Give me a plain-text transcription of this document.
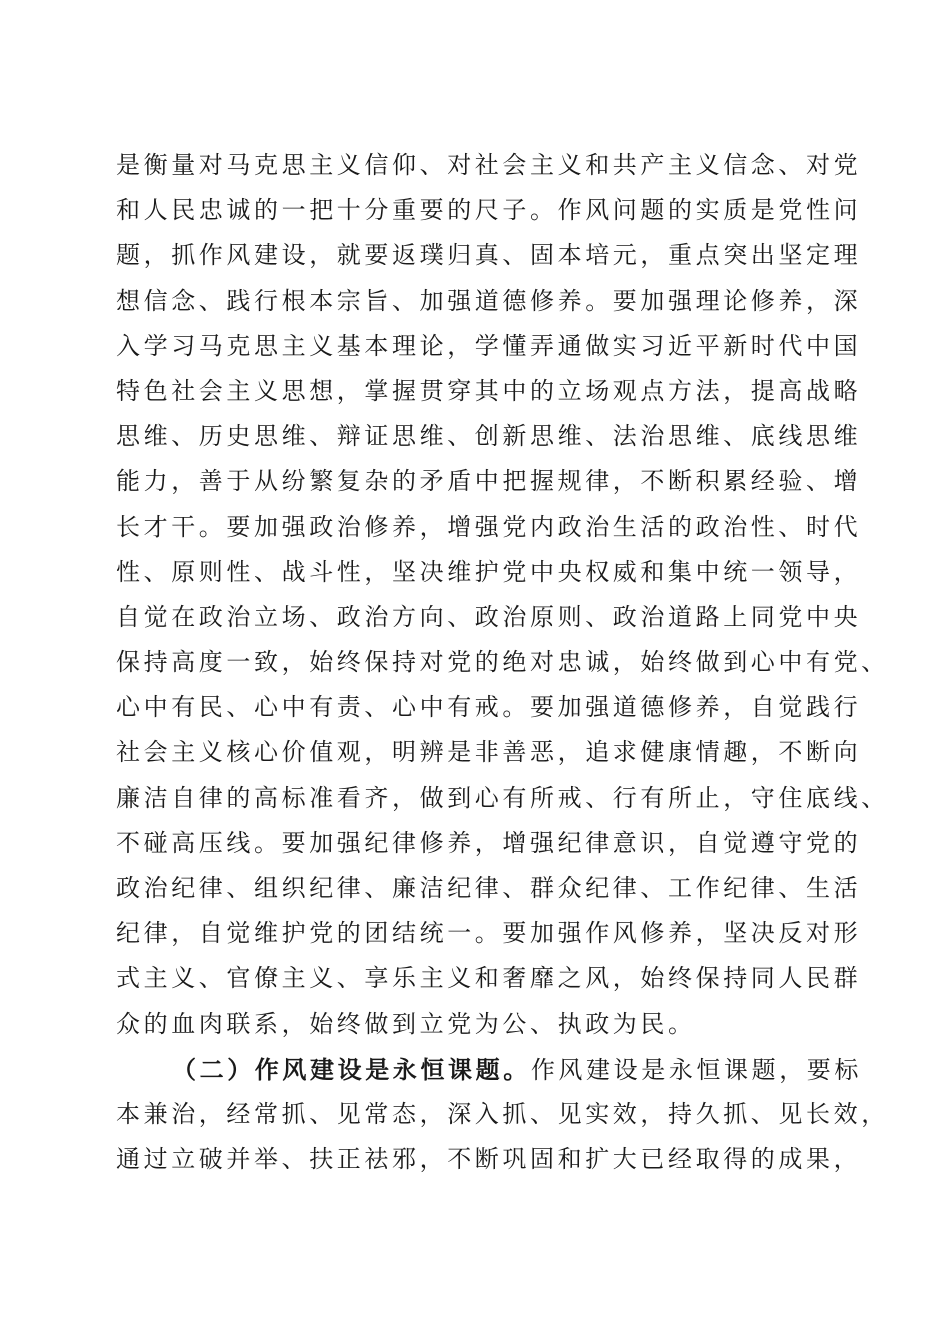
是衡量对马克思主义信仰、对社会主义和共产主义信念、对党
和人民忠诚的一把十分重要的尺子。作风问题的实质是党性问
题，抓作风建设，就要返璞归真、固本培元，重点突出坚定理
想信念、践行根本宗旨、加强道德修养。要加强理论修养，深
入学习马克思主义基本理论，学懂弄通做实习近平新时代中国
特色社会主义思想，掌握贯穿其中的立场观点方法，提高战略
思维、历史思维、辩证思维、创新思维、法治思维、底线思维
能力，善于从纷繁复杂的矛盾中把握规律，不断积累经验、增
长才干。要加强政治修养，增强党内政治生活的政治性、时代
性、原则性、战斗性，坚决维护党中央权威和集中统一领导，
自觉在政治立场、政治方向、政治原则、政治道路上同党中央
保持高度一致，始终保持对党的绝对忠诚，始终做到心中有党、
心中有民、心中有责、心中有戒。要加强道德修养，自觉践行
社会主义核心价值观，明辨是非善恶，追求健康情趣，不断向
廉洁自律的高标准看齐，做到心有所戒、行有所止，守住底线、
不碰高压线。要加强纪律修养，增强纪律意识，自觉遵守党的
政治纪律、组织纪律、廉洁纪律、群众纪律、工作纪律、生活
纪律，自觉维护党的团结统一。要加强作风修养，坚决反对形
式主义、官僚主义、享乐主义和奢靡之风，始终保持同人民群
众的血肉联系，始终做到立党为公、执政为民。
（二）作风建设是永恒课题。作风建设是永恒课题，要标
本兼治，经常抓、见常态，深入抓、见实效，持久抓、见长效，
通过立破并举、扶正祛邪，不断巩固和扩大已经取得的成果，
